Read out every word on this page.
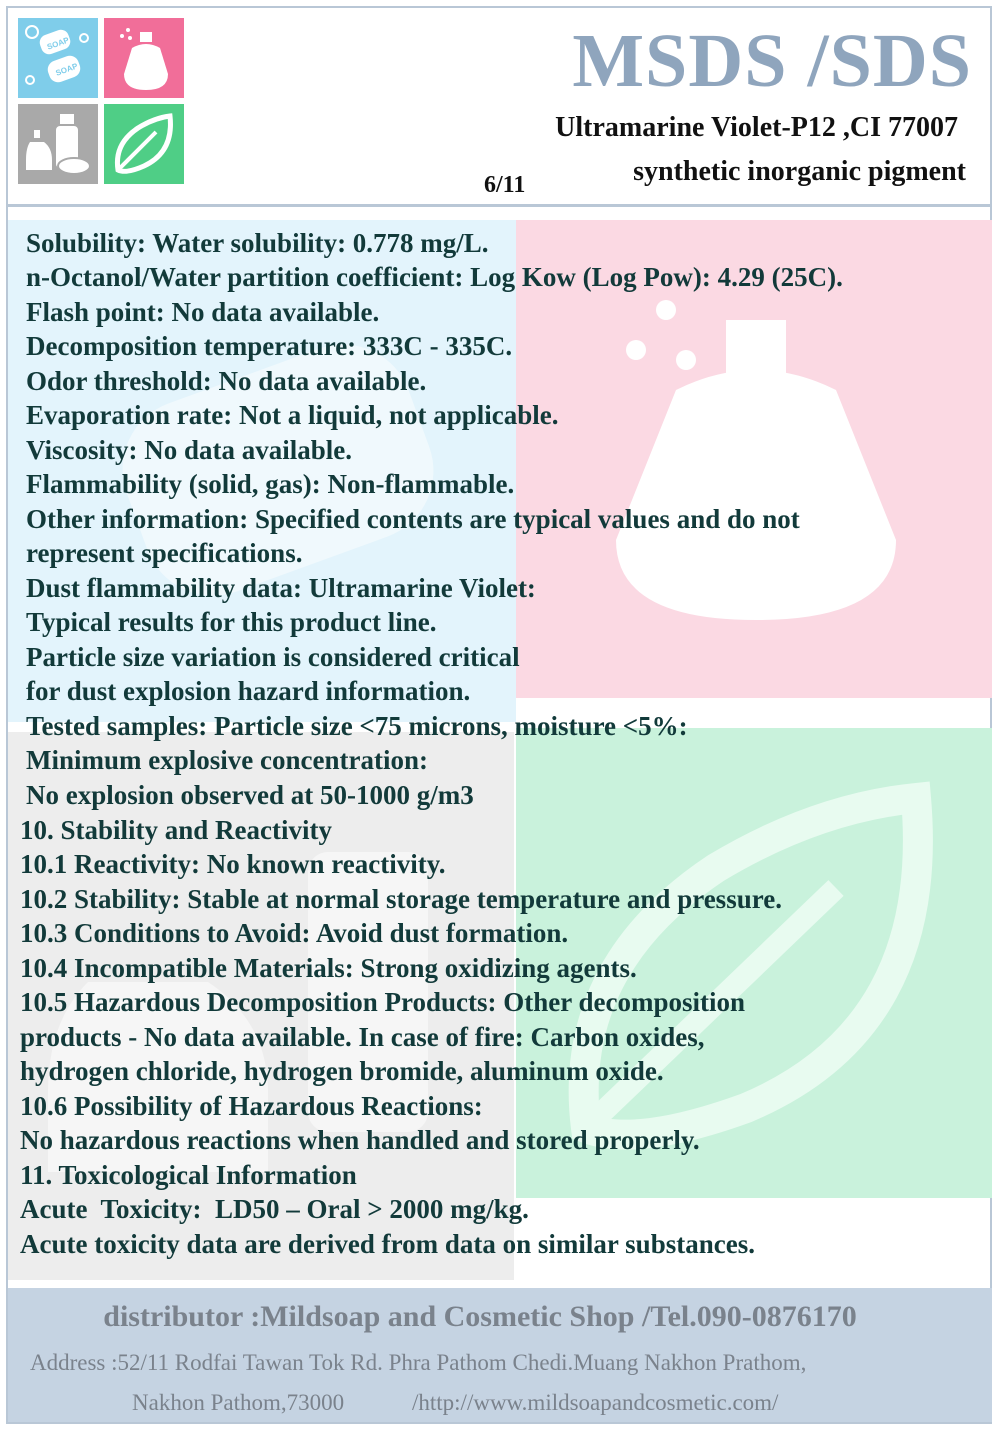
SOAP
SOAP	MSDS /SDS
Ultramarine Violet-P12 ,CI 77007
6/11	synthetic inorganic pigment
Solubility: Water solubility: 0.778 mg/L.
n-Octanol/Water partition coefficient: Log Kow (Log Pow): 4.29 (25C).
Flash point: No data available.
Decomposition temperature: 333C - 335C.
Odor threshold: No data available.
Evaporation rate: Not a liquid, not applicable.
Viscosity: No data available.
Flammability (solid, gas): Non-flammable.
Other information: Specified contents are typical values and do not
represent specifications.
Dust flammability data: Ultramarine Violet:
Typical results for this product line.
Particle size variation is considered critical
for dust explosion hazard information.
Tested samples: Particle size <75 microns, moisture <5%:
Minimum explosive concentration:
No explosion observed at 50-1000 g/m3
10. Stability and Reactivity
10.1 Reactivity: No known reactivity.
10.2 Stability: Stable at normal storage temperature and pressure.
10.3 Conditions to Avoid: Avoid dust formation.
10.4 Incompatible Materials: Strong oxidizing agents.
10.5 Hazardous Decomposition Products: Other decomposition
products - No data available. In case of fire: Carbon oxides,
hydrogen chloride, hydrogen bromide, aluminum oxide.
10.6 Possibility of Hazardous Reactions:
No hazardous reactions when handled and stored properly.
11. Toxicological Information
Acute  Toxicity:  LD50 – Oral > 2000 mg/kg.
Acute toxicity data are derived from data on similar substances.
distributor :Mildsoap and Cosmetic Shop /Tel.090-0876170
Address :52/11 Rodfai Tawan Tok Rd. Phra Pathom Chedi.Muang Nakhon Prathom,
Nakhon Pathom,73000	/http://www.mildsoapandcosmetic.com/
